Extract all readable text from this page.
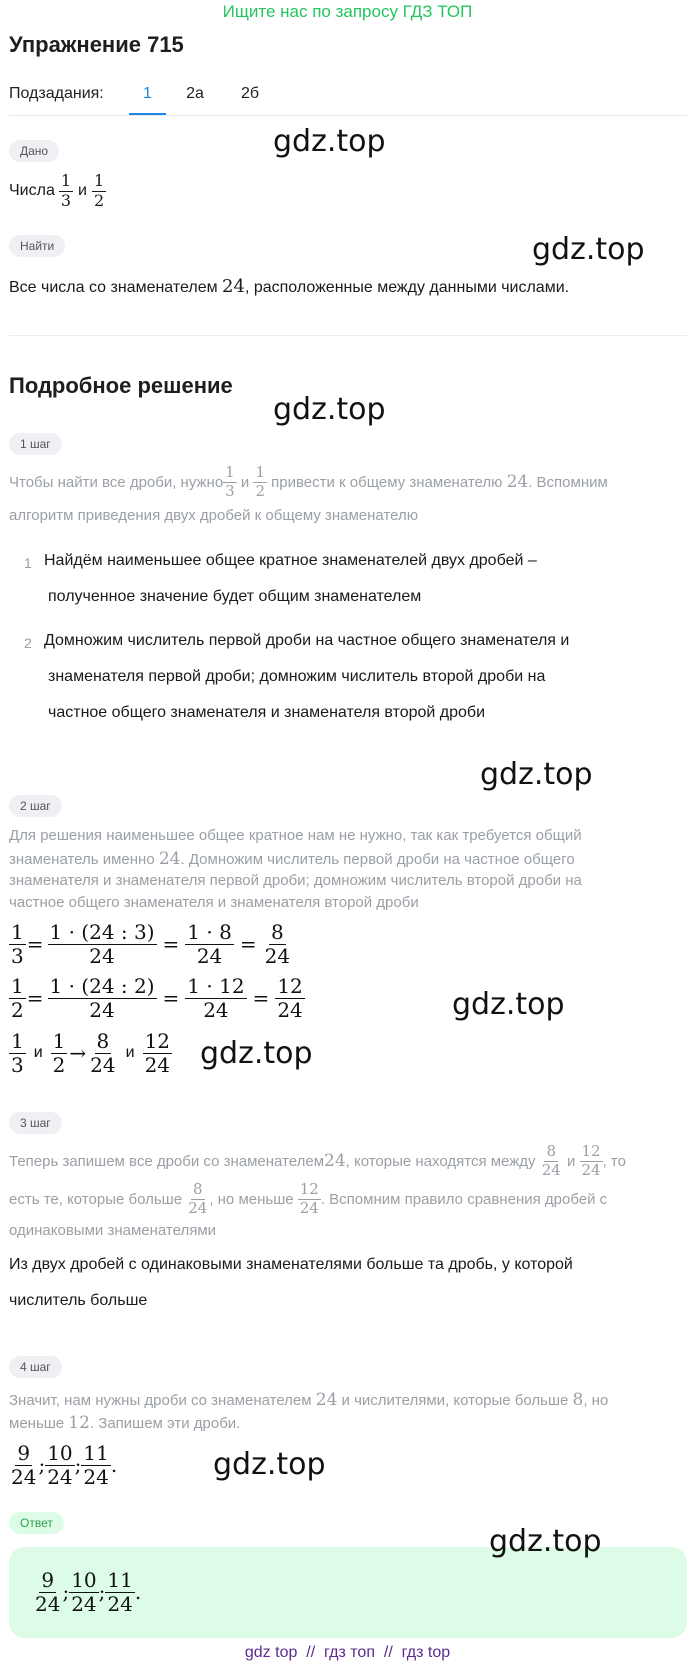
Ищите нас по запросу ГДЗ ТОП
Упражнение 715
Подзадания:	1	2а	2б
Дано
Числа $\frac{1}{3}$ и $\frac{1}{2}$
Найти
Все числа со знаменателем 24, расположенные между данными числами.
Подробное решение
1 шаг
Чтобы найти все дроби, нужно $\frac{1}{3}$ и $\frac{1}{2}$ привести к общему знаменателю 24 . Вспомним
алгоритм приведения двух дробей к общему знаменателю
1 Найдём наименьшее общее кратное знаменателей двух дробей –
полученное значение будет общим знаменателем
2 Домножим числитель первой дроби на частное общего знаменателя и
знаменателя первой дроби; домножим числитель второй дроби на
частное общего знаменателя и знаменателя второй дроби
2 шаг
Для решения наименьшее общее кратное нам не нужно, так как требуется общий
знаменатель именно 24. Домножим числитель первой дроби на частное общего
знаменателя и знаменателя первой дроби; домножим числитель второй дроби на
частное общего знаменателя и знаменателя второй дроби
$\frac{1}{3} = \frac{1 \cdot (24 : 3)}{24} = \frac{1 \cdot 8}{24} = \frac{8}{24}$
$\frac{1}{2} = \frac{1 \cdot (24 : 2)}{24} = \frac{1 \cdot 12}{24} = \frac{12}{24}$
$\frac{1}{3}$ и $\frac{1}{2} \to \frac{8}{24}$ и $\frac{12}{24}$
3 шаг
Теперь запишем все дроби со знаменателем 24 , которые находятся между $\frac{8}{24}$ и $\frac{12}{24}$ , то
есть те, которые больше $\frac{8}{24}$ , но меньше $\frac{12}{24}$ . Вспомним правило сравнения дробей с
одинаковыми знаменателями
Из двух дробей с одинаковыми знаменателями больше та дробь, у которой
числитель больше
4 шаг
Значит, нам нужны дроби со знаменателем 24 и числителями, которые больше 8, но
меньше 12. Запишем эти дроби.
$\frac{9}{24}$ ; $\frac{10}{24}$ ; $\frac{11}{24}$ .
Ответ
$\frac{9}{24}$ ; $\frac{10}{24}$ ; $\frac{11}{24}$ .
gdz.top
gdz.top
gdz.top
gdz.top
gdz.top
gdz.top
gdz.top
gdz.top
gdz top  //  гдз топ  //  гдз top
